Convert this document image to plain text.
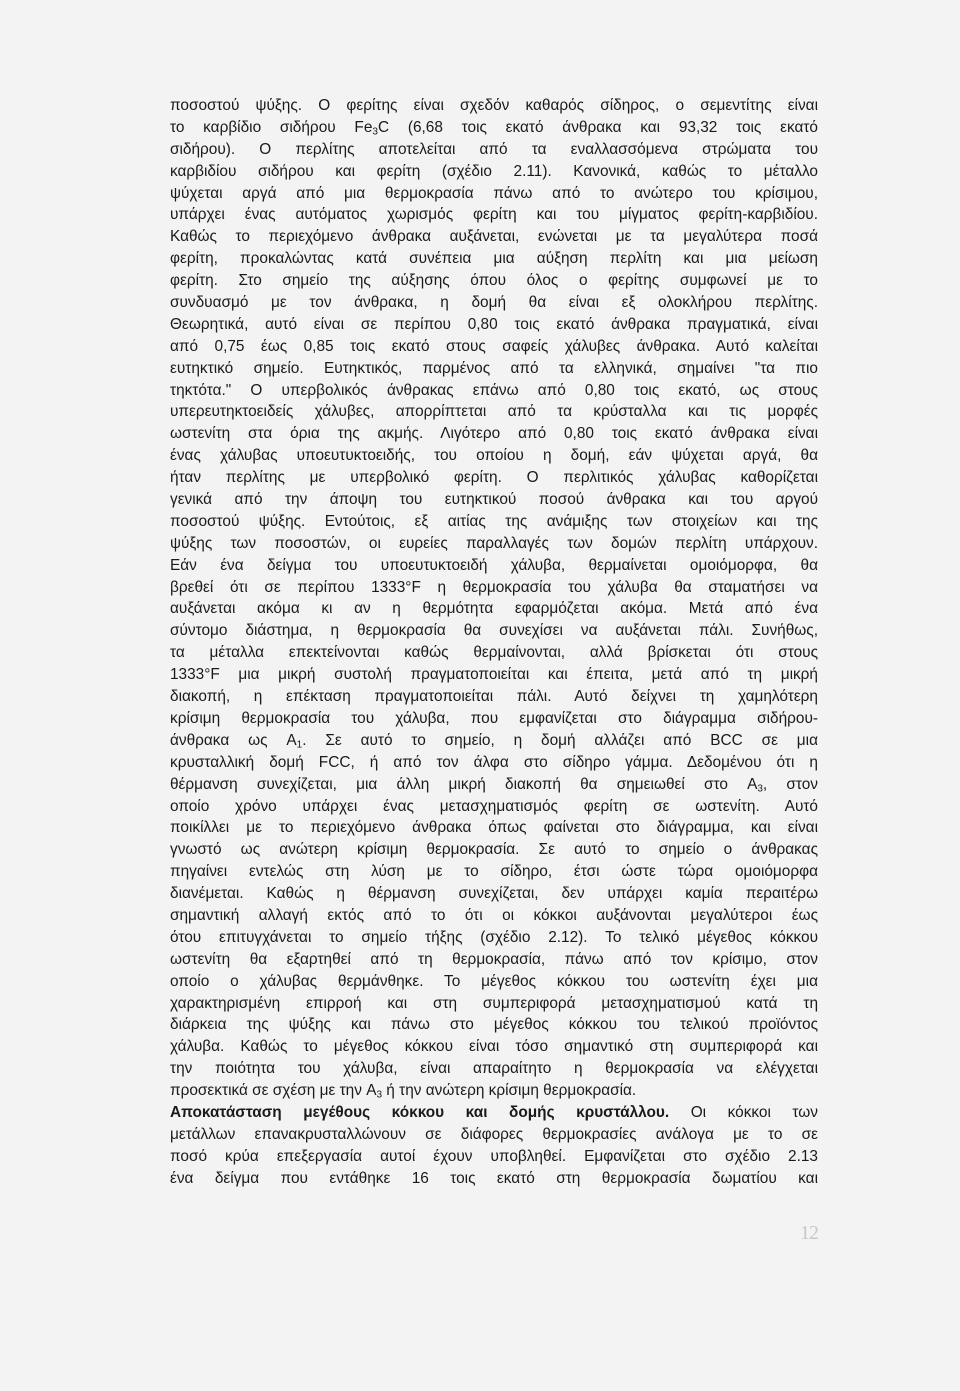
ποσοστού ψύξης. Ο φερίτης είναι σχεδόν καθαρός σίδηρος, ο σεμεντίτης είναι
το καρβίδιο σιδήρου $Fe_3C$ (6,68 τοις εκατό άνθρακα και 93,32 τοις εκατό
σιδήρου). Ο περλίτης αποτελείται από τα εναλλασσόμενα στρώματα του
καρβιδίου σιδήρου και φερίτη (σχέδιο 2.11). Κανονικά, καθώς το μέταλλο
ψύχεται αργά από μια θερμοκρασία πάνω από το ανώτερο του κρίσιμου,
υπάρχει ένας αυτόματος χωρισμός φερίτη και του μίγματος φερίτη-καρβιδίου.
Καθώς το περιεχόμενο άνθρακα αυξάνεται, ενώνεται με τα μεγαλύτερα ποσά
φερίτη, προκαλώντας κατά συνέπεια μια αύξηση περλίτη και μια μείωση
φερίτη. Στο σημείο της αύξησης όπου όλος ο φερίτης συμφωνεί με το
συνδυασμό με τον άνθρακα, η δομή θα είναι εξ ολοκλήρου περλίτης.
Θεωρητικά, αυτό είναι σε περίπου 0,80 τοις εκατό άνθρακα πραγματικά, είναι
από 0,75 έως 0,85 τοις εκατό στους σαφείς χάλυβες άνθρακα. Αυτό καλείται
ευτηκτικό σημείο. Ευτηκτικός, παρμένος από τα ελληνικά, σημαίνει "τα πιο
τηκτότα." Ο υπερβολικός άνθρακας επάνω από 0,80 τοις εκατό, ως στους
υπερευτηκτοειδείς χάλυβες, απορρίπτεται από τα κρύσταλλα και τις μορφές
ωστενίτη στα όρια της ακμής. Λιγότερο από 0,80 τοις εκατό άνθρακα είναι
ένας χάλυβας υποευτυκτοειδής, του οποίου η δομή, εάν ψύχεται αργά, θα
ήταν περλίτης με υπερβολικό φερίτη. Ο περλιτικός χάλυβας καθορίζεται
γενικά από την άποψη του ευτηκτικού ποσού άνθρακα και του αργού
ποσοστού ψύξης. Εντούτοις, εξ αιτίας της ανάμιξης των στοιχείων και της
ψύξης των ποσοστών, οι ευρείες παραλλαγές των δομών περλίτη υπάρχουν.
Εάν ένα δείγμα του υποευτυκτοειδή χάλυβα, θερμαίνεται ομοιόμορφα, θα
βρεθεί ότι σε περίπου 1333°F η θερμοκρασία του χάλυβα θα σταματήσει να
αυξάνεται ακόμα κι αν η θερμότητα εφαρμόζεται ακόμα. Μετά από ένα
σύντομο διάστημα, η θερμοκρασία θα συνεχίσει να αυξάνεται πάλι. Συνήθως,
τα μέταλλα επεκτείνονται καθώς θερμαίνονται, αλλά βρίσκεται ότι στους
1333°F μια μικρή συστολή πραγματοποιείται και έπειτα, μετά από τη μικρή
διακοπή, η επέκταση πραγματοποιείται πάλι. Αυτό δείχνει τη χαμηλότερη
κρίσιμη θερμοκρασία του χάλυβα, που εμφανίζεται στο διάγραμμα σιδήρου-
άνθρακα ως $A_1$. Σε αυτό το σημείο, η δομή αλλάζει από BCC σε μια
κρυσταλλική δομή FCC, ή από τον άλφα στο σίδηρο γάμμα. Δεδομένου ότι η
θέρμανση συνεχίζεται, μια άλλη μικρή διακοπή θα σημειωθεί στο $A_3$, στον
οποίο χρόνο υπάρχει ένας μετασχηματισμός φερίτη σε ωστενίτη. Αυτό
ποικίλλει με το περιεχόμενο άνθρακα όπως φαίνεται στο διάγραμμα, και είναι
γνωστό ως ανώτερη κρίσιμη θερμοκρασία. Σε αυτό το σημείο ο άνθρακας
πηγαίνει εντελώς στη λύση με το σίδηρο, έτσι ώστε τώρα ομοιόμορφα
διανέμεται. Καθώς η θέρμανση συνεχίζεται, δεν υπάρχει καμία περαιτέρω
σημαντική αλλαγή εκτός από το ότι οι κόκκοι αυξάνονται μεγαλύτεροι έως
ότου επιτυγχάνεται το σημείο τήξης (σχέδιο 2.12). Το τελικό μέγεθος κόκκου
ωστενίτη θα εξαρτηθεί από τη θερμοκρασία, πάνω από τον κρίσιμο, στον
οποίο ο χάλυβας θερμάνθηκε. Το μέγεθος κόκκου του ωστενίτη έχει μια
χαρακτηρισμένη επιρροή και στη συμπεριφορά μετασχηματισμού κατά τη
διάρκεια της ψύξης και πάνω στο μέγεθος κόκκου του τελικού προϊόντος
χάλυβα. Καθώς το μέγεθος κόκκου είναι τόσο σημαντικό στη συμπεριφορά και
την ποιότητα του χάλυβα, είναι απαραίτητο η θερμοκρασία να ελέγχεται
προσεκτικά σε σχέση με την $A_3$ ή την ανώτερη κρίσιμη θερμοκρασία.
Αποκατάσταση μεγέθους κόκκου και δομής κρυστάλλου. Οι κόκκοι των
μετάλλων επανακρυσταλλώνουν σε διάφορες θερμοκρασίες ανάλογα με το σε
ποσό κρύα επεξεργασία αυτοί έχουν υποβληθεί. Εμφανίζεται στο σχέδιο 2.13
ένα δείγμα που εντάθηκε 16 τοις εκατό στη θερμοκρασία δωματίου και
12
